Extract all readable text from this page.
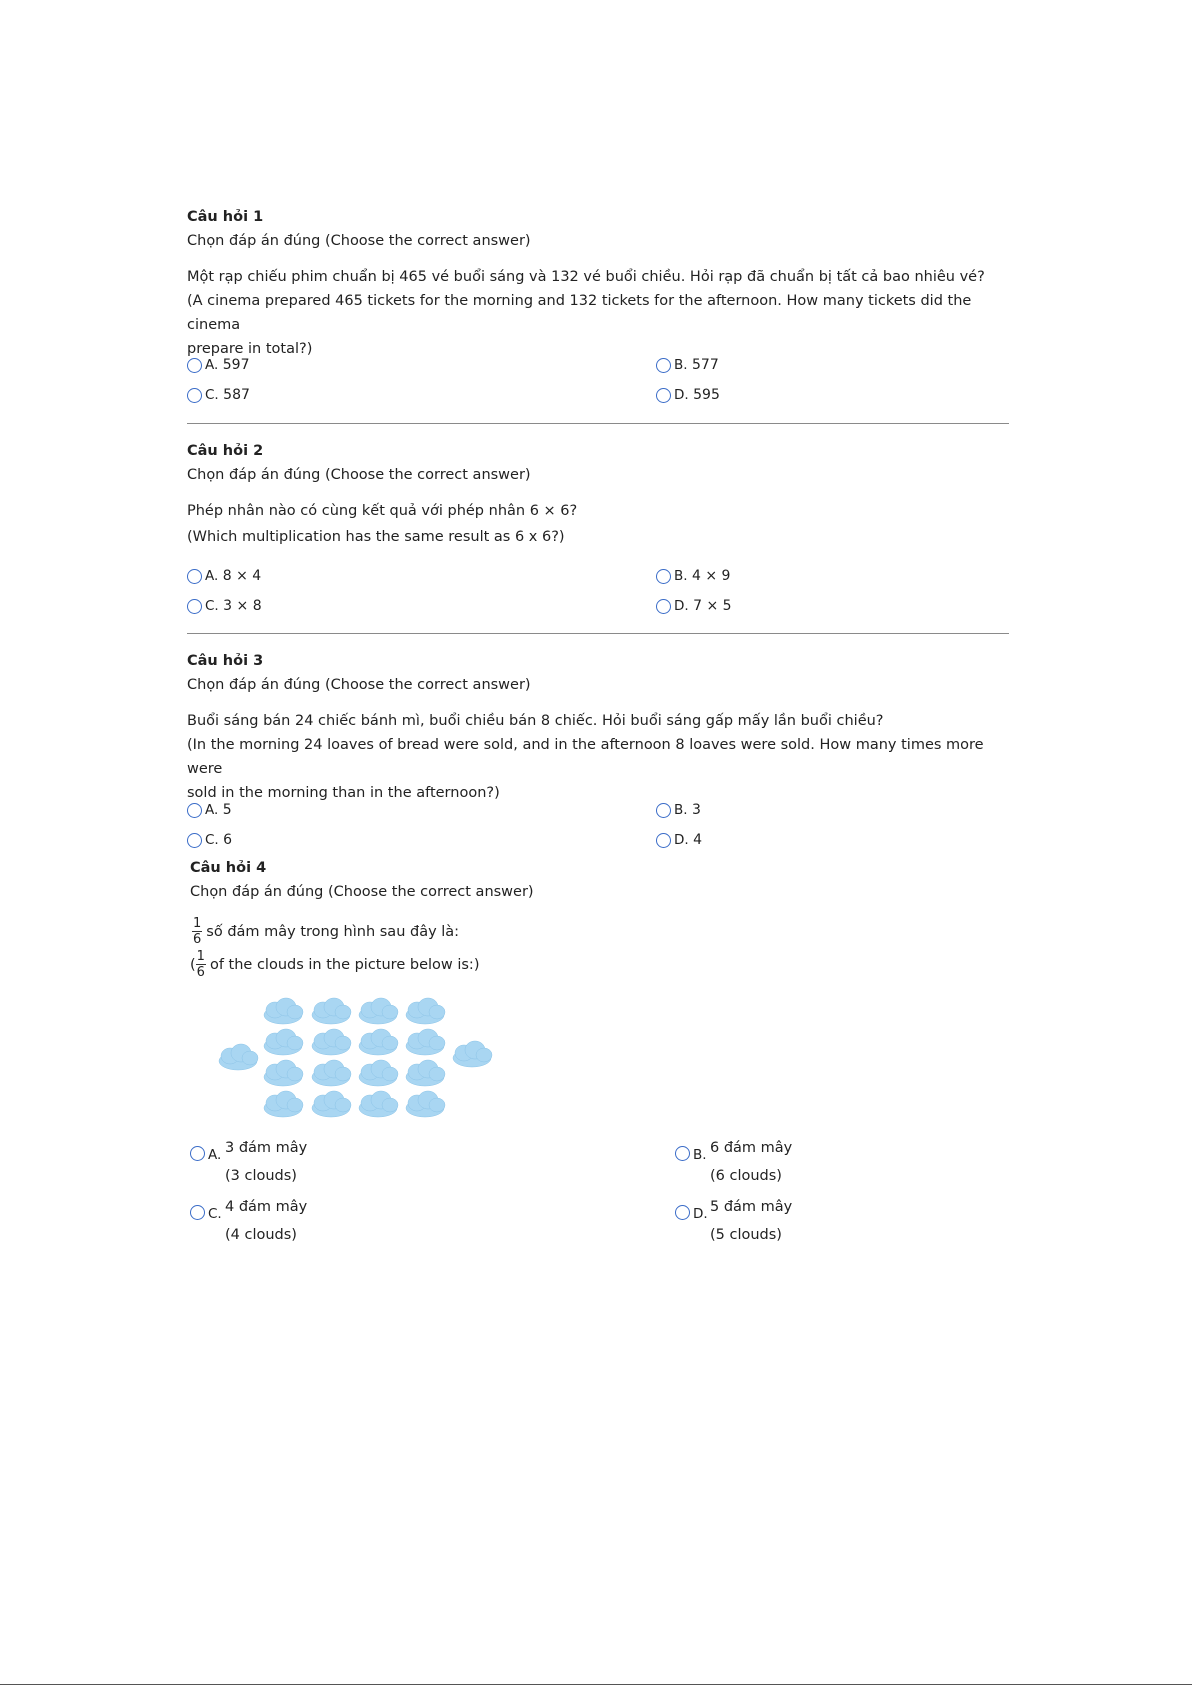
Câu hỏi 1
Chọn đáp án đúng (Choose the correct answer)
Một rạp chiếu phim chuẩn bị 465 vé buổi sáng và 132 vé buổi chiều. Hỏi rạp đã chuẩn bị tất cả bao nhiêu vé?
(A cinema prepared 465 tickets for the morning and 132 tickets for the afternoon. How many tickets did the cinema
prepare in total?)
A.
597	B.
577
C.
587	D.
595
Câu hỏi 2
Chọn đáp án đúng (Choose the correct answer)
Phép nhân nào có cùng kết quả với phép nhân 6 × 6?
(Which multiplication has the same result as 6 x 6?)
A.
8 × 4	B.
4 × 9
C.
3 × 8	D.
7 × 5
Câu hỏi 3
Chọn đáp án đúng (Choose the correct answer)
Buổi sáng bán 24 chiếc bánh mì, buổi chiều bán 8 chiếc. Hỏi buổi sáng gấp mấy lần buổi chiều?
(In the morning 24 loaves of bread were sold, and in the afternoon 8 loaves were sold. How many times more were
sold in the morning than in the afternoon?)
A.
5	B.
3
C.
6	D.
4
Câu hỏi 4
Chọn đáp án đúng (Choose the correct answer)
$\frac{1}{6}$ số đám mây trong hình sau đây là:
( $\frac{1}{6}$ of the clouds in the picture below is:)
A. 3 đám mây
(3 clouds)
B. 6 đám mây
(6 clouds)
C. 4 đám mây
(4 clouds)
D. 5 đám mây
(5 clouds)
